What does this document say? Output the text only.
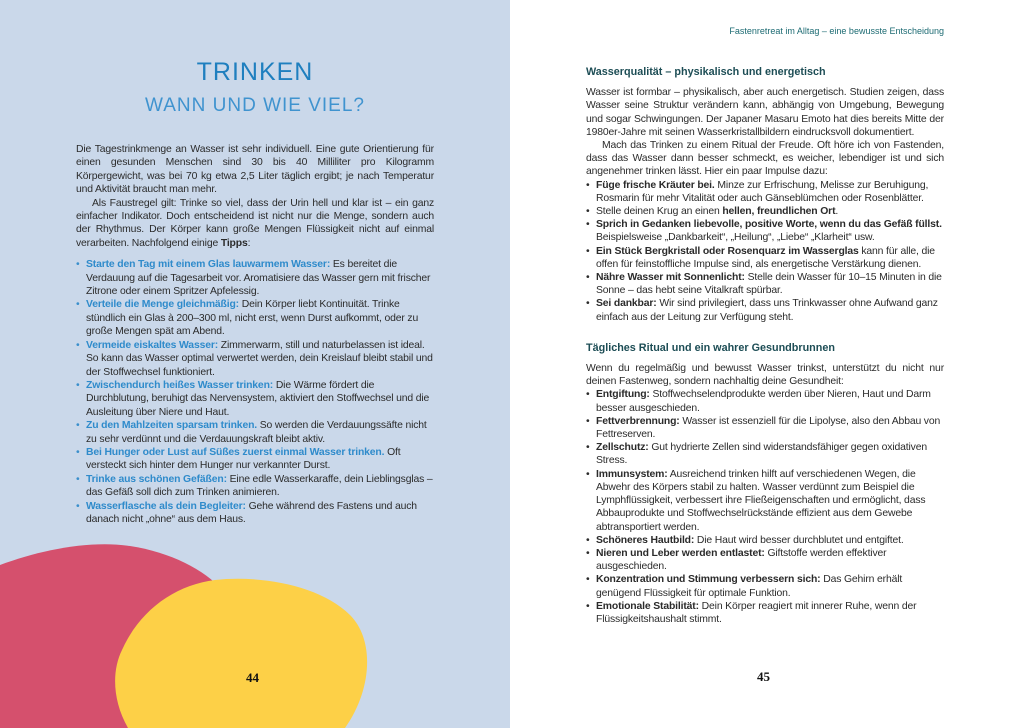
TRINKEN
WANN UND WIE VIEL?

Die Tagestrinkmenge an Wasser ist sehr individuell. Eine gute Orientierung für einen gesunden Menschen sind 30 bis 40 Milliliter pro Kilogramm Körpergewicht, was bei 70 kg etwa 2,5 Liter täglich ergibt; je nach Temperatur und Aktivität braucht man mehr.

Als Faustregel gilt: Trinke so viel, dass der Urin hell und klar ist – ein ganz einfacher Indikator. Doch entscheidend ist nicht nur die Menge, sondern auch der Rhythmus. Der Körper kann große Mengen Flüssigkeit nicht auf einmal verarbeiten. Nachfolgend einige Tipps:

• Starte den Tag mit einem Glas lauwarmem Wasser: Es bereitet die Verdauung auf die Tagesarbeit vor. Aromatisiere das Wasser gern mit frischer Zitrone oder einem Spritzer Apfelessig.
• Verteile die Menge gleichmäßig: Dein Körper liebt Kontinuität. Trinke stündlich ein Glas à 200–300 ml, nicht erst, wenn Durst aufkommt, oder zu große Mengen spät am Abend.
• Vermeide eiskaltes Wasser: Zimmerwarm, still und naturbelassen ist ideal. So kann das Wasser optimal verwertet werden, dein Kreislauf bleibt stabil und der Stoffwechsel funktioniert.
• Zwischendurch heißes Wasser trinken: Die Wärme fördert die Durchblutung, beruhigt das Nervensystem, aktiviert den Stoffwechsel und die Ausleitung über Niere und Haut.
• Zu den Mahlzeiten sparsam trinken. So werden die Verdauungssäfte nicht zu sehr verdünnt und die Verdauungskraft bleibt aktiv.
• Bei Hunger oder Lust auf Süßes zuerst einmal Wasser trinken. Oft versteckt sich hinter dem Hunger nur verkannter Durst.
• Trinke aus schönen Gefäßen: Eine edle Wasserkaraffe, dein Lieblingsglas – das Gefäß soll dich zum Trinken animieren.
• Wasserflasche als dein Begleiter: Gehe während des Fastens und auch danach nicht „ohne“ aus dem Haus.
44
Fastenretreat im Alltag – eine bewusste Entscheidung
Wasserqualität – physikalisch und energetisch

Wasser ist formbar – physikalisch, aber auch energetisch. Studien zeigen, dass Wasser seine Struktur verändern kann, abhängig von Umgebung, Bewegung und sogar Schwingungen. Der Japaner Masaru Emoto hat dies bereits Mitte der 1980er-Jahre mit seinen Wasserkristallbildern eindrucksvoll dokumentiert.

Mach das Trinken zu einem Ritual der Freude. Oft höre ich von Fastenden, dass das Wasser dann besser schmeckt, es weicher, lebendiger ist und sich angenehmer trinken lässt. Hier ein paar Impulse dazu:

• Füge frische Kräuter bei. Minze zur Erfrischung, Melisse zur Beruhigung, Rosmarin für mehr Vitalität oder auch Gänseblümchen oder Rosenblätter.
• Stelle deinen Krug an einen hellen, freundlichen Ort.
• Sprich in Gedanken liebevolle, positive Worte, wenn du das Gefäß füllst. Beispielsweise „Dankbarkeit“, „Heilung“, „Liebe“ „Klarheit“ usw.
• Ein Stück Bergkristall oder Rosenquarz im Wasserglas kann für alle, die offen für feinstoffliche Impulse sind, als energetische Verstärkung dienen.
• Nähre Wasser mit Sonnenlicht: Stelle dein Wasser für 10–15 Minuten in die Sonne – das hebt seine Vitalkraft spürbar.
• Sei dankbar: Wir sind privilegiert, dass uns Trinkwasser ohne Aufwand ganz einfach aus der Leitung zur Verfügung steht.
Tägliches Ritual und ein wahrer Gesundbrunnen

Wenn du regelmäßig und bewusst Wasser trinkst, unterstützt du nicht nur deinen Fastenweg, sondern nachhaltig deine Gesundheit:

• Entgiftung: Stoffwechselendprodukte werden über Nieren, Haut und Darm besser ausgeschieden.
• Fettverbrennung: Wasser ist essenziell für die Lipolyse, also den Abbau von Fettreserven.
• Zellschutz: Gut hydrierte Zellen sind widerstandsfähiger gegen oxidativen Stress.
• Immunsystem: Ausreichend trinken hilft auf verschiedenen Wegen, die Abwehr des Körpers stabil zu halten. Wasser verdünnt zum Beispiel die Lymphflüssigkeit, verbessert ihre Fließeigenschaften und ermöglicht, dass Abbauprodukte und Stoffwechselrückstände effizient aus dem Gewebe abtransportiert werden.
• Schöneres Hautbild: Die Haut wird besser durchblutet und entgiftet.
• Nieren und Leber werden entlastet: Giftstoffe werden effektiver ausgeschieden.
• Konzentration und Stimmung verbessern sich: Das Gehirn erhält genügend Flüssigkeit für optimale Funktion.
• Emotionale Stabilität: Dein Körper reagiert mit innerer Ruhe, wenn der Flüssigkeitshaushalt stimmt.
45
